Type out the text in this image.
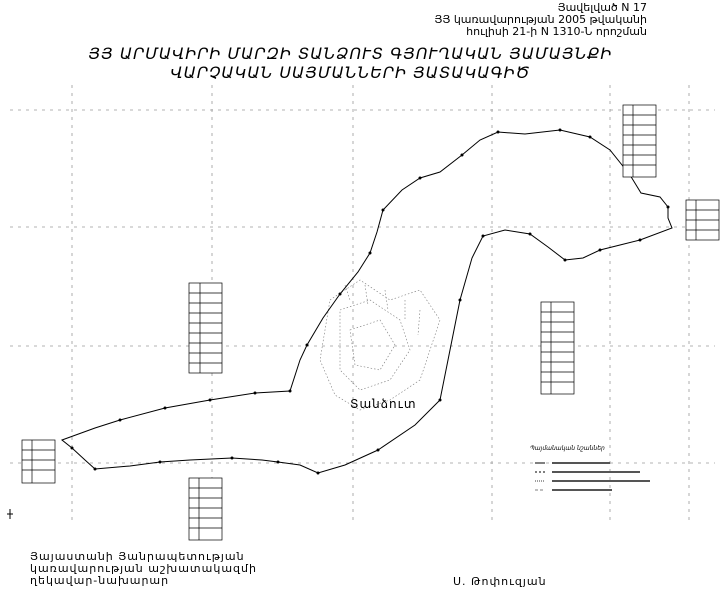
Յավելված N 17
ՅՅ կառավարության 2005 թվականի
հուլիսի 21-ի N 1310-Ն որոշման
ՅՅ ԱՐՄԱՎԻՐԻ ՄԱՐԶԻ ՏԱՆՁՈՒՏ ԳՅՈՒՂԱԿԱՆ ՅԱՄԱՅՆՔԻ
ՎԱՐՉԱԿԱՆ ՍԱՅՄԱՆՆԵՐԻ ՅԱՏԱԿԱԳԻԾ
Տանձուտ
Պայմանական նշաններ
Յայաստանի Յանրապետության
կառավարության աշխատակազմի
ղեկավար-նախարար	Ս. Թոփուզյան
